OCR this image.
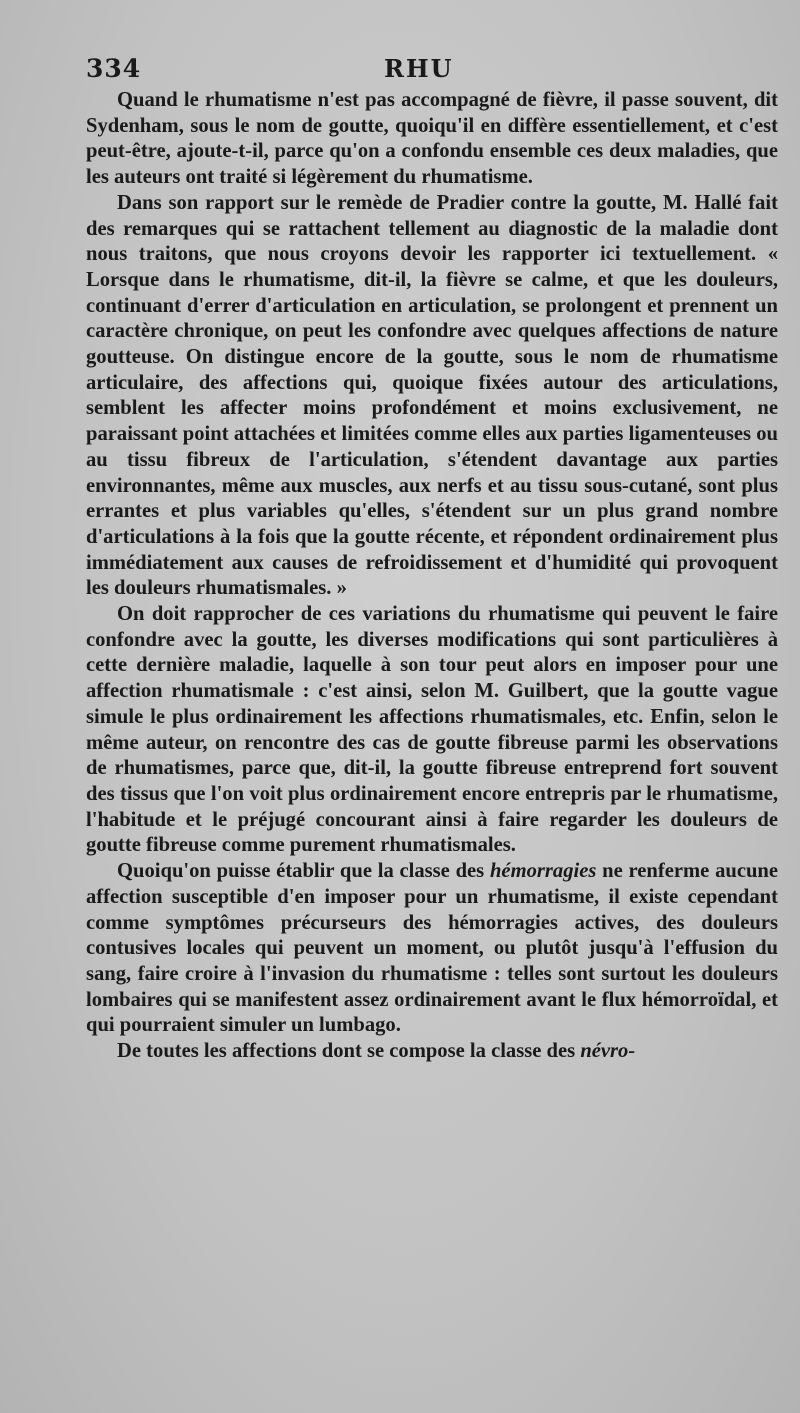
334	RHU

Quand le rhumatisme n'est pas accompagné de fièvre, il passe souvent, dit Sydenham, sous le nom de goutte, quoiqu'il en diffère essentiellement, et c'est peut-être, ajoute-t-il, parce qu'on a confondu ensemble ces deux maladies, que les auteurs ont traité si légèrement du rhumatisme.

Dans son rapport sur le remède de Pradier contre la goutte, M. Hallé fait des remarques qui se rattachent tellement au diagnostic de la maladie dont nous traitons, que nous croyons devoir les rapporter ici textuellement. « Lorsque dans le rhumatisme, dit-il, la fièvre se calme, et que les douleurs, continuant d'errer d'articulation en articulation, se prolongent et prennent un caractère chronique, on peut les confondre avec quelques affections de nature goutteuse. On distingue encore de la goutte, sous le nom de rhumatisme articulaire, des affections qui, quoique fixées autour des articulations, semblent les affecter moins profondément et moins exclusivement, ne paraissant point attachées et limitées comme elles aux parties ligamenteuses ou au tissu fibreux de l'articulation, s'étendent davantage aux parties environnantes, même aux muscles, aux nerfs et au tissu sous-cutané, sont plus errantes et plus variables qu'elles, s'étendent sur un plus grand nombre d'articulations à la fois que la goutte récente, et répondent ordinairement plus immédiatement aux causes de refroidissement et d'humidité qui provoquent les douleurs rhumatismales. »

On doit rapprocher de ces variations du rhumatisme qui peuvent le faire confondre avec la goutte, les diverses modifications qui sont particulières à cette dernière maladie, laquelle à son tour peut alors en imposer pour une affection rhumatismale : c'est ainsi, selon M. Guilbert, que la goutte vague simule le plus ordinairement les affections rhumatismales, etc. Enfin, selon le même auteur, on rencontre des cas de goutte fibreuse parmi les observations de rhumatismes, parce que, dit-il, la goutte fibreuse entreprend fort souvent des tissus que l'on voit plus ordinairement encore entrepris par le rhumatisme, l'habitude et le préjugé concourant ainsi à faire regarder les douleurs de goutte fibreuse comme purement rhumatismales.

Quoiqu'on puisse établir que la classe des hémorragies ne renferme aucune affection susceptible d'en imposer pour un rhumatisme, il existe cependant comme symptômes précurseurs des hémorragies actives, des douleurs contusives locales qui peuvent un moment, ou plutôt jusqu'à l'effusion du sang, faire croire à l'invasion du rhumatisme : telles sont surtout les douleurs lombaires qui se manifestent assez ordinairement avant le flux hémorroïdal, et qui pourraient simuler un lumbago.

De toutes les affections dont se compose la classe des névro-
